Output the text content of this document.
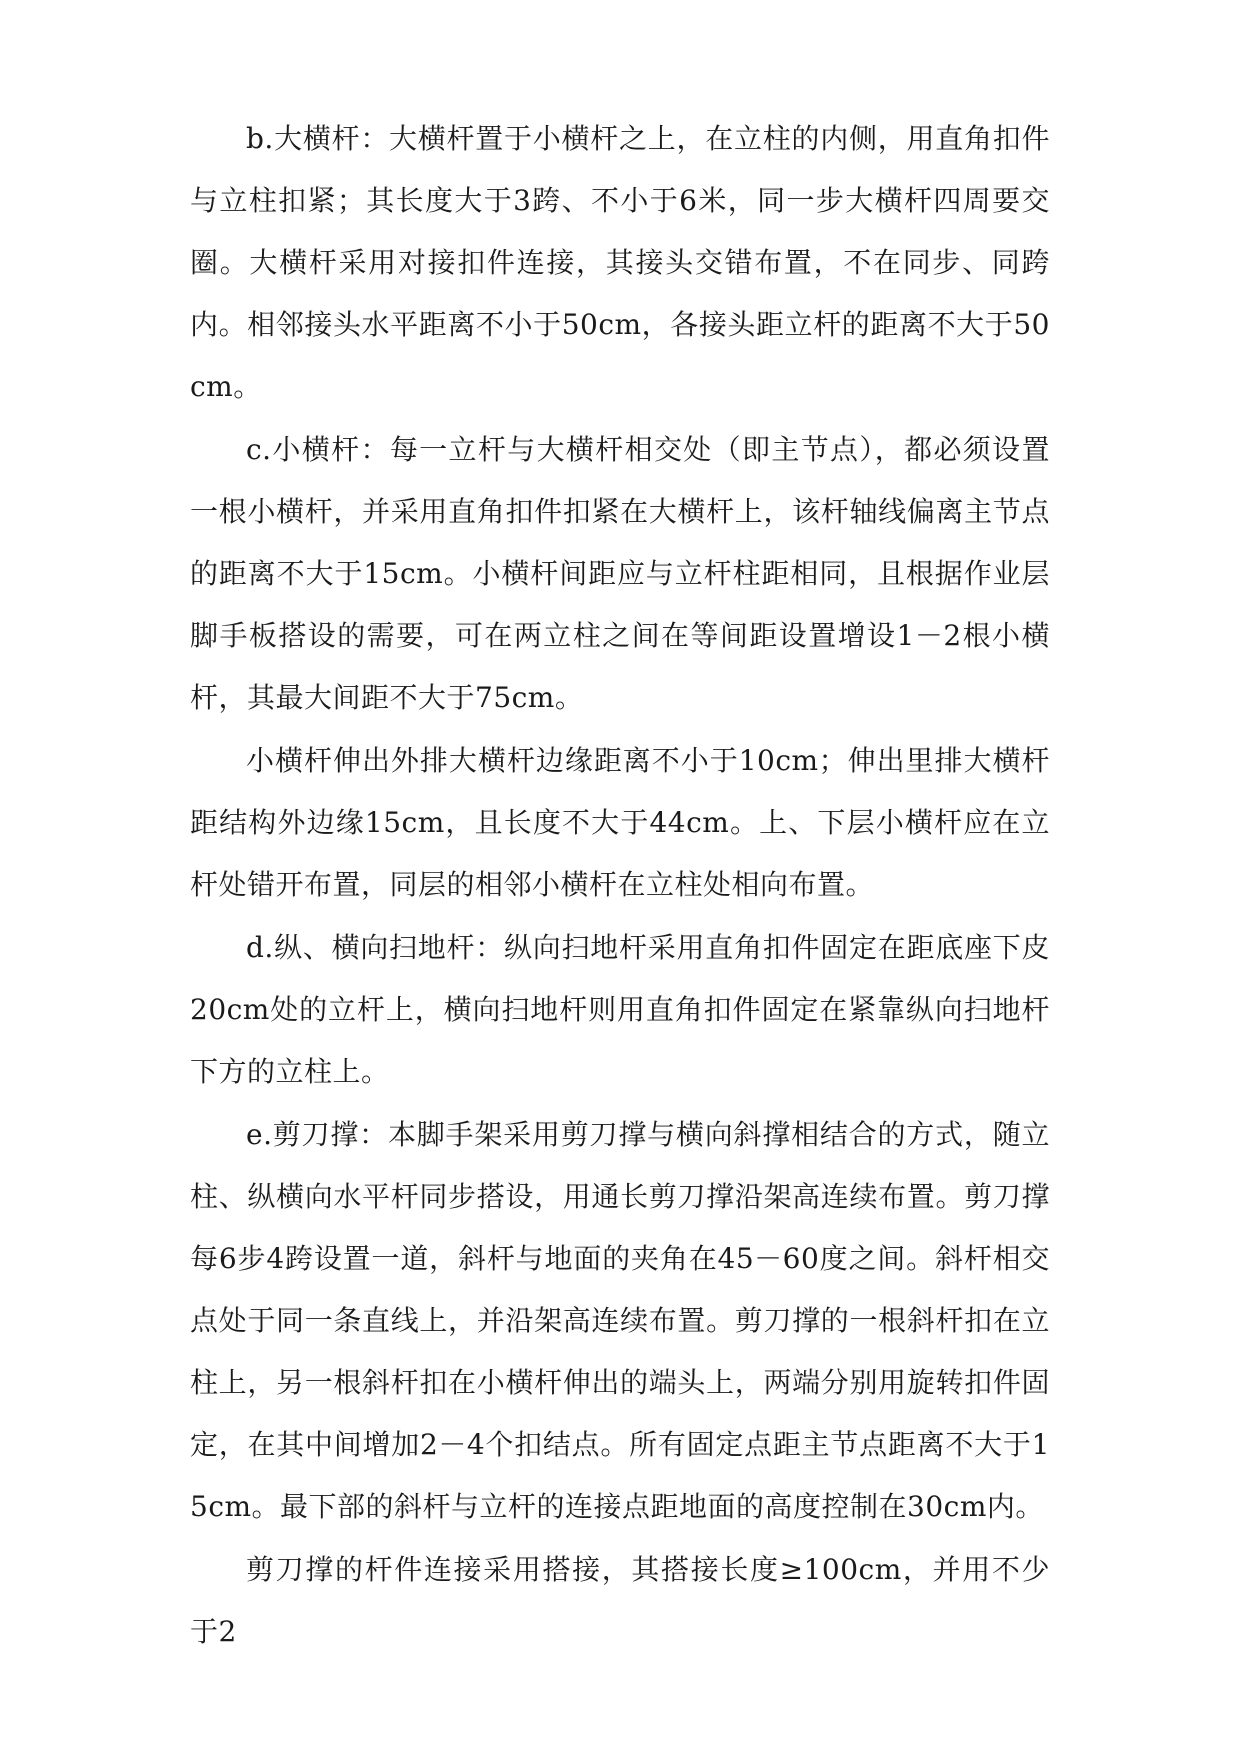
b.大横杆：大横杆置于小横杆之上，在立柱的内侧，用直角扣件与立柱扣紧；其长度大于3跨、不小于6米，同一步大横杆四周要交圈。大横杆采用对接扣件连接，其接头交错布置，不在同步、同跨内。相邻接头水平距离不小于50cm，各接头距立杆的距离不大于50cm。

c.小横杆：每一立杆与大横杆相交处（即主节点），都必须设置一根小横杆，并采用直角扣件扣紧在大横杆上，该杆轴线偏离主节点的距离不大于15cm。小横杆间距应与立杆柱距相同，且根据作业层脚手板搭设的需要，可在两立柱之间在等间距设置增设1－2根小横杆，其最大间距不大于75cm。

小横杆伸出外排大横杆边缘距离不小于10cm；伸出里排大横杆距结构外边缘15cm，且长度不大于44cm。上、下层小横杆应在立杆处错开布置，同层的相邻小横杆在立柱处相向布置。

d.纵、横向扫地杆：纵向扫地杆采用直角扣件固定在距底座下皮20cm处的立杆上，横向扫地杆则用直角扣件固定在紧靠纵向扫地杆下方的立柱上。

e.剪刀撑：本脚手架采用剪刀撑与横向斜撑相结合的方式，随立柱、纵横向水平杆同步搭设，用通长剪刀撑沿架高连续布置。剪刀撑每6步4跨设置一道，斜杆与地面的夹角在45－60度之间。斜杆相交点处于同一条直线上，并沿架高连续布置。剪刀撑的一根斜杆扣在立柱上，另一根斜杆扣在小横杆伸出的端头上，两端分别用旋转扣件固定，在其中间增加2－4个扣结点。所有固定点距主节点距离不大于15cm。最下部的斜杆与立杆的连接点距地面的高度控制在30cm内。

剪刀撑的杆件连接采用搭接，其搭接长度≥100cm，并用不少于2
